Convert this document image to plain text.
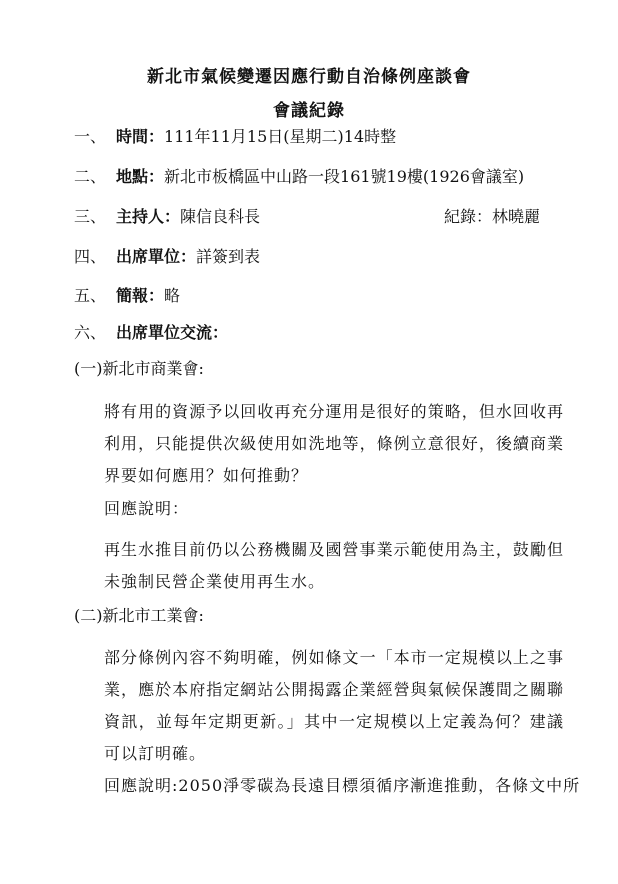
新北市氣候變遷因應行動自治條例座談會
會議紀錄
一、 時間：111年11月15日(星期二)14時整
二、 地點：新北市板橋區中山路一段161號19樓(1926會議室)
三、 主持人：陳信良科長	紀錄：林曉麗
四、 出席單位：詳簽到表
五、 簡報：略
六、 出席單位交流：
(一)新北市商業會:
將有用的資源予以回收再充分運用是很好的策略，但水回收再利用，只能提供次級使用如洗地等，條例立意很好，後續商業界要如何應用？如何推動？
回應說明：
再生水推目前仍以公務機關及國營事業示範使用為主，鼓勵但未強制民營企業使用再生水。
(二)新北市工業會:
部分條例內容不夠明確，例如條文一「本市一定規模以上之事業，應於本府指定網站公開揭露企業經營與氣候保護間之關聯資訊，並每年定期更新。」其中一定規模以上定義為何？建議可以訂明確。
回應說明:2050淨零碳為長遠目標須循序漸進推動，各條文中所
